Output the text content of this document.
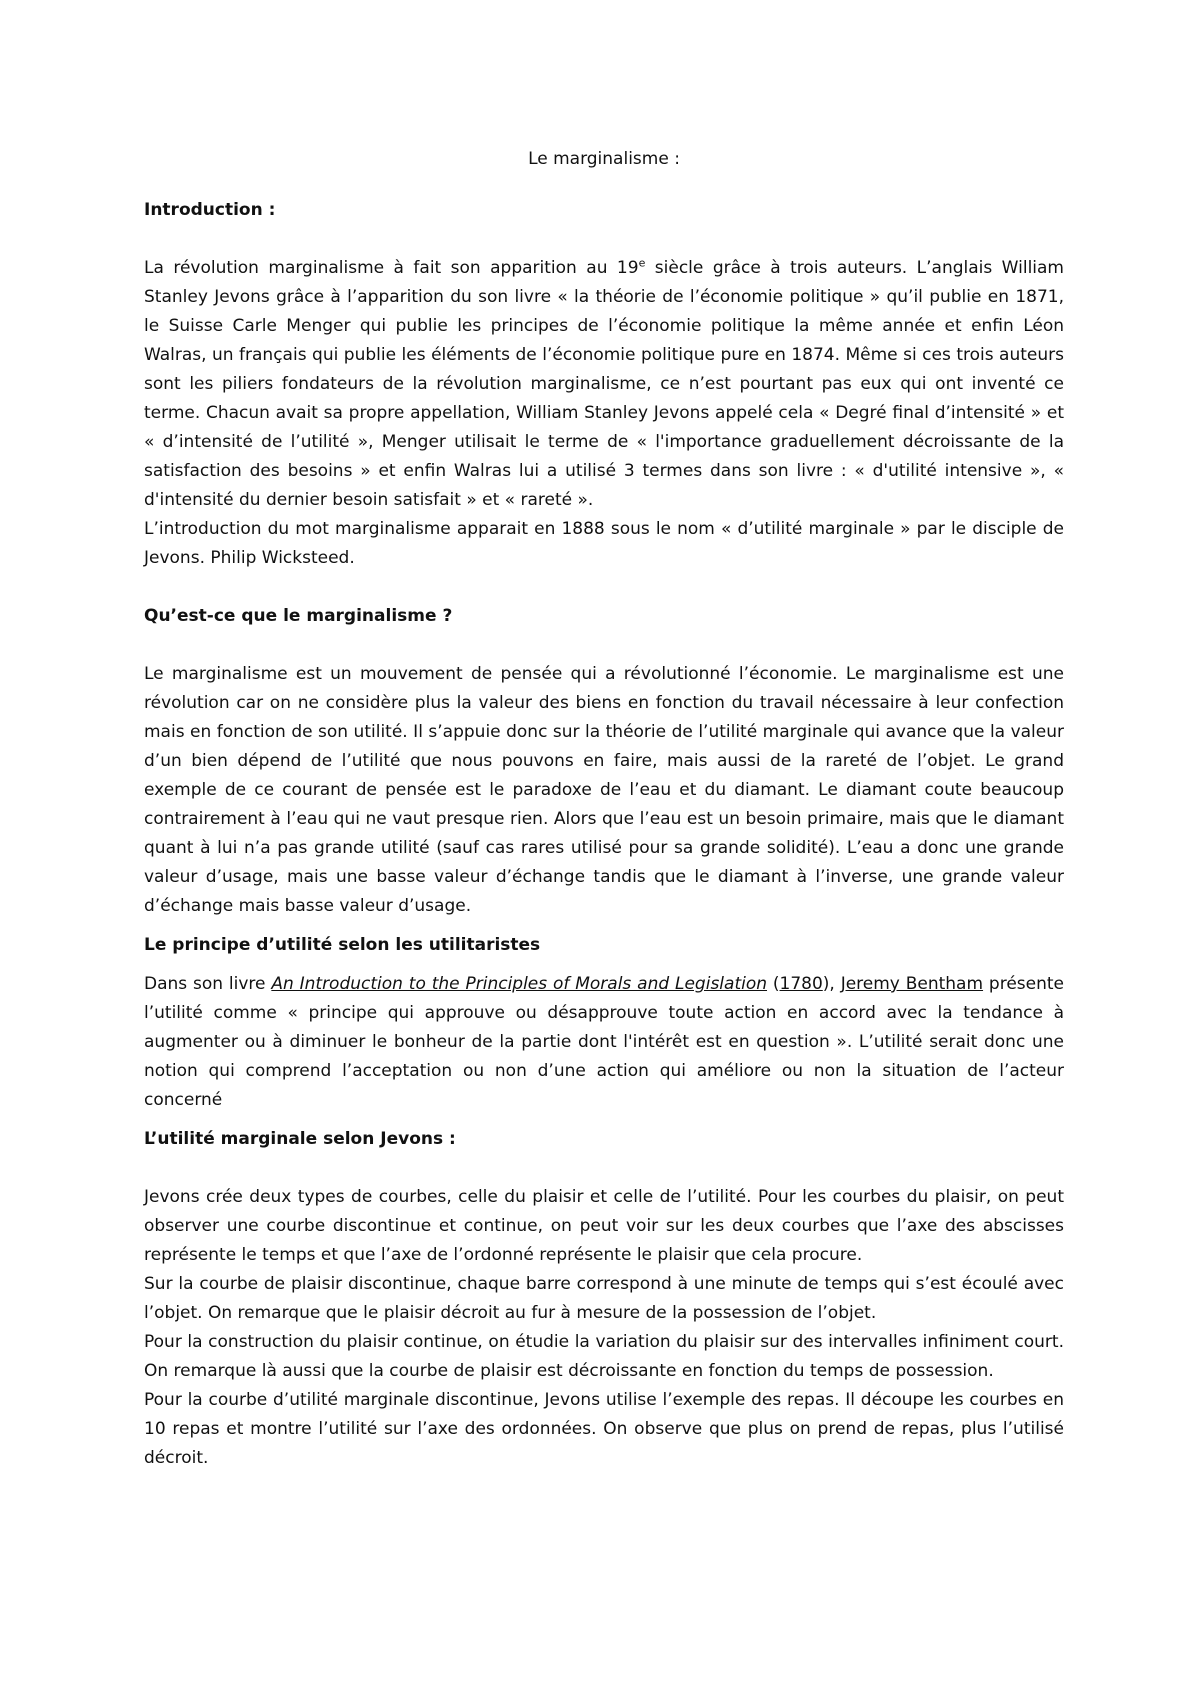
Le marginalisme :
Introduction :

La révolution marginalisme à fait son apparition au 19e siècle grâce à trois auteurs. L’anglais William Stanley Jevons grâce à l’apparition du son livre « la théorie de l’économie politique » qu’il publie en 1871, le Suisse Carle Menger qui publie les principes de l’économie politique la même année et enfin Léon Walras, un français qui publie les éléments de l’économie politique pure en 1874. Même si ces trois auteurs sont les piliers fondateurs de la révolution marginalisme, ce n’est pourtant pas eux qui ont inventé ce terme. Chacun avait sa propre appellation, William Stanley Jevons appelé cela « Degré final d’intensité » et « d’intensité de l’utilité », Menger utilisait le terme de « l'importance graduellement décroissante de la satisfaction des besoins » et enfin Walras lui a utilisé 3 termes dans son livre : « d'utilité intensive », « d'intensité du dernier besoin satisfait » et « rareté ».

L’introduction du mot marginalisme apparait en 1888 sous le nom « d’utilité marginale » par le disciple de Jevons. Philip Wicksteed.

Qu’est-ce que le marginalisme ?

Le marginalisme est un mouvement de pensée qui a révolutionné l’économie. Le marginalisme est une révolution car on ne considère plus la valeur des biens en fonction du travail nécessaire à leur confection mais en fonction de son utilité. Il s’appuie donc sur la théorie de l’utilité marginale qui avance que la valeur d’un bien dépend de l’utilité que nous pouvons en faire, mais aussi de la rareté de l’objet. Le grand exemple de ce courant de pensée est le paradoxe de l’eau et du diamant. Le diamant coute beaucoup contrairement à l’eau qui ne vaut presque rien. Alors que l’eau est un besoin primaire, mais que le diamant quant à lui n’a pas grande utilité (sauf cas rares utilisé pour sa grande solidité). L’eau a donc une grande valeur d’usage, mais une basse valeur d’échange tandis que le diamant à l’inverse, une grande valeur d’échange mais basse valeur d’usage.

Le principe d’utilité selon les utilitaristes

Dans son livre An Introduction to the Principles of Morals and Legislation (1780), Jeremy Bentham présente l’utilité comme « principe qui approuve ou désapprouve toute action en accord avec la tendance à augmenter ou à diminuer le bonheur de la partie dont l'intérêt est en question ». L’utilité serait donc une notion qui comprend l’acceptation ou non d’une action qui améliore ou non la situation de l’acteur concerné

L’utilité marginale selon Jevons :

Jevons crée deux types de courbes, celle du plaisir et celle de l’utilité. Pour les courbes du plaisir, on peut observer une courbe discontinue et continue, on peut voir sur les deux courbes que l’axe des abscisses représente le temps et que l’axe de l’ordonné représente le plaisir que cela procure.

Sur la courbe de plaisir discontinue, chaque barre correspond à une minute de temps qui s’est écoulé avec l’objet. On remarque que le plaisir décroit au fur à mesure de la possession de l’objet.

Pour la construction du plaisir continue, on étudie la variation du plaisir sur des intervalles infiniment court. On remarque là aussi que la courbe de plaisir est décroissante en fonction du temps de possession.

Pour la courbe d’utilité marginale discontinue, Jevons utilise l’exemple des repas. Il découpe les courbes en 10 repas et montre l’utilité sur l’axe des ordonnées. On observe que plus on prend de repas, plus l’utilisé décroit.
